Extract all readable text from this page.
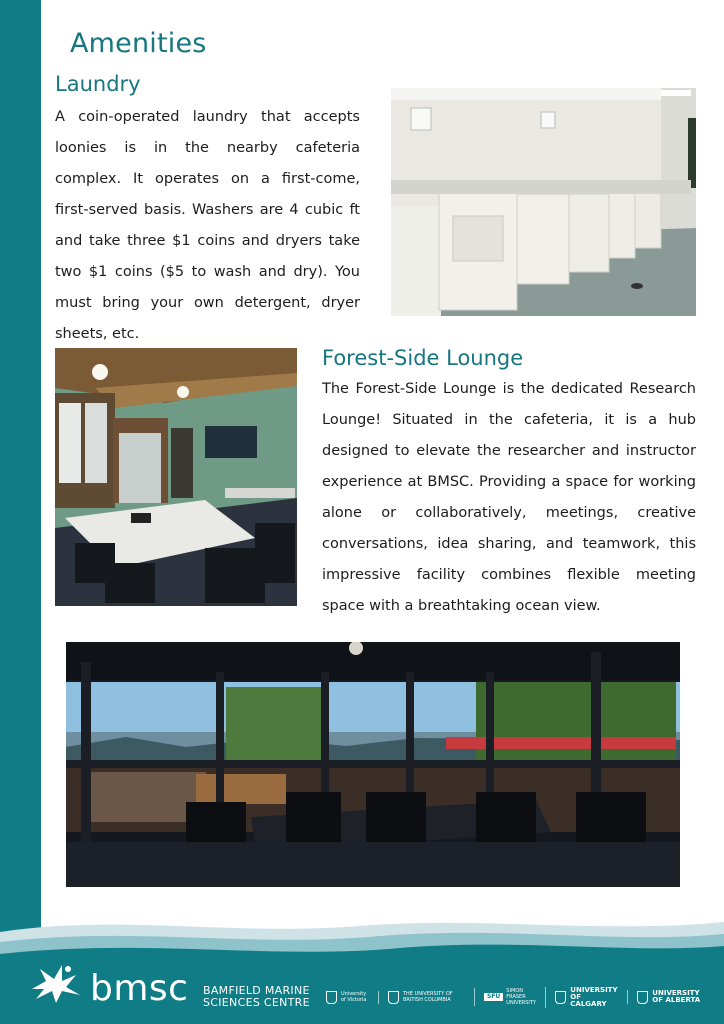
Amenities
Laundry

A coin-operated laundry that accepts loonies is in the nearby cafeteria complex. It operates on a first-come, first-served basis. Washers are 4 cubic ft and take three $1 coins and dryers take two $1 coins ($5 to wash and dry). You must bring your own detergent, dryer sheets, etc.

Forest-Side Lounge

The Forest-Side Lounge is the dedicated Research Lounge! Situated in the cafeteria, it is a hub designed to elevate the researcher and instructor experience at BMSC. Providing a space for working alone or collaboratively, meetings, creative conversations, idea sharing, and teamwork, this impressive facility combines flexible meeting space with a breathtaking ocean view.

bmsc BAMFIELD MARINE
SCIENCES CENTRE
University of Victoria
THE UNIVERSITY OF BRITISH COLUMBIA	SFU
SIMON FRASER UNIVERSITY
UNIVERSITY OF CALGARY
UNIVERSITY OF ALBERTA
